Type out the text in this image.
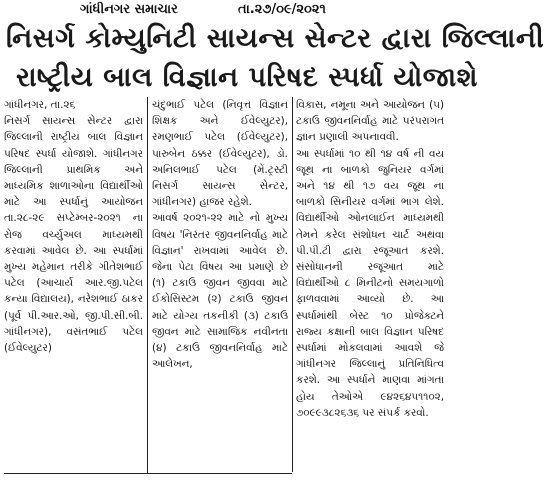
ગાંધીનગર સમાચાર	તા.૨૭/૦૯/૨૦૨૧
નિસર્ગ કોમ્યુનિટી સાયન્સ સેન્ટર દ્વારા જિલ્લાની
રાષ્ટ્રીય બાલ વિજ્ઞાન પરિષદ સ્પર્ધા યોજાશે
ગાંધીનગર, તા.૨૬
નિસર્ગ સાયન્સ સેન્ટર દ્વારા જિલ્લાની રાષ્ટ્રીય બાલ વિજ્ઞાન પરિષદ સ્પર્ધા યોજાશે. ગાંધીનગર જિલ્લાની પ્રાથમિક અને માધ્યમિક શાળાઓના વિદ્યાર્થીઓ માટે આ સ્પર્ધાનું આયોજન તા.૨૮-૨૯ સપ્ટેમ્બર-૨૦૨૧ ના રોજ વર્ચ્યુઅલ માધ્યમથી કરવામાં આવેલ છે. આ સ્પર્ધામાં મુખ્ય મહેમાન તરીકે ગીતેશભાઈ પટેલ (આચાર્ય આર.જી.પટેલ કન્યા વિદ્યાલય), નરેશભાઈ ઠાકર (પૂર્વ પી.આર.ઓ, જી.પી.સી.બી. ગાંધીનગર), વસંતભાઈ પટેલ (ઈવેલ્યુટર)
ચંદુભાઈ પટેલ (નિવૃત્ત વિજ્ઞાન શિક્ષક અને ઈવેલ્યુટર), રમણભાઈ પટેલ (ઈવેલ્યુટર), પારુબેન ઠક્કર (ઈવેલ્યુટર), ડો. અનિલભાઈ પટેલ (મેં.ટ્રસ્ટી નિસર્ગ સાયન્સ સેન્ટર, ગાંધીનગર) હાજર રહેશે.
આવર્ષ ૨૦૨૧-૨૨ માટે નો મુખ્ય વિષય 'નિરંતર જીવનનિર્વાહ માટે વિજ્ઞાન' રાખવામાં આવેલ છે. જેના પેટા વિષય આ પ્રમાણે છે (૧) ટકાઉ જીવન જીવવા માટે ઈકોસિસ્ટમ (૨) ટકાઉ જીવન માટે યોગ્ય તકનીકી (૩) ટકાઉ જીવન માટે સામાજિક નવીનતા (૪) ટકાઉ જીવનનિર્વાહ માટે આલેખન,
વિકાસ, નમૂના અને આયોજન (૫) ટકાઉ જીવનનિર્વાહ માટે પરંપરાગત જ્ઞાન પ્રણાલી અપનાવવી.
આ સ્પર્ધામાં ૧૦ થી ૧૪ વર્ષ ની વય જૂથ ના બાળકો જુનિયર વર્ગમાં અને ૧૪ થી ૧૭ વય જૂથ ના બાળકો સિનીયર વર્ગમાં ભાગ લેશે. વિદ્યાર્થીઓ ઓનલાઈન માધ્યમથી તેમને કરેલ સંશોધન ચાર્ટ અથવા પી.પી.ટી દ્વારા રજૂઆત કરશે. સંસોધાનની રજૂઆત માટે વિદ્યાર્થીઓ ૮ મિનીટનો સમયગાળો ફાળવવામાં આવ્યો છે. આ સ્પર્ધામાંથી બેસ્ટ ૧૦ પ્રોજેક્ટને રાજ્ય કક્ષાની બાલ વિજ્ઞાન પરિષદ સ્પર્ધામાં મોકલવામાં આવશે જે ગાંધીનગર જિલ્લાનું પ્રતિનિધિત્વ કરશે. આ સ્પર્ધાને માણવા માંગતા હોય તેઓએ ૯૪૨૬૪૫૧૧૦૨, ૭૦૯૯૩૮૨૬૩૬ પર સંપર્ક કરવો.
